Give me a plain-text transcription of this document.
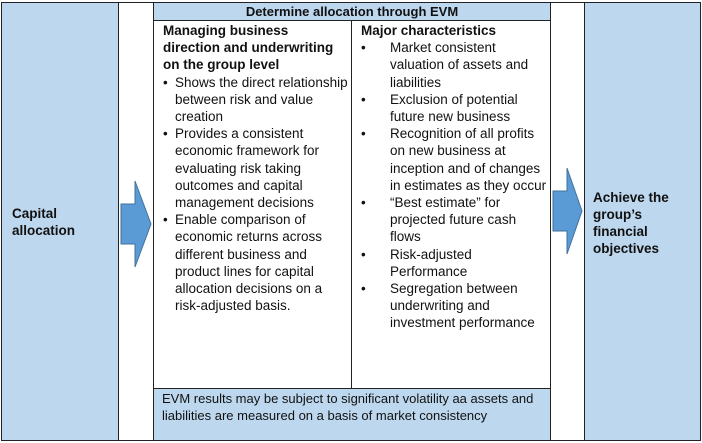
Capital allocation
Determine allocation through EVM
Managing business direction and underwriting on the group level
• Shows the direct relationship between risk and value creation
• Provides a consistent economic framework for evaluating risk taking outcomes and capital management decisions
• Enable comparison of economic returns across different business and product lines for capital allocation decisions on a risk-adjusted basis.
Major characteristics
• Market consistent valuation of assets and liabilities
• Exclusion of potential future new business
• Recognition of all profits on new business at inception and of changes in estimates as they occur
• “Best estimate” for projected future cash flows
• Risk-adjusted Performance
• Segregation between underwriting and investment performance
EVM results may be subject to significant volatility aa assets and liabilities are measured on a basis of market consistency
Achieve the group’s financial objectives
